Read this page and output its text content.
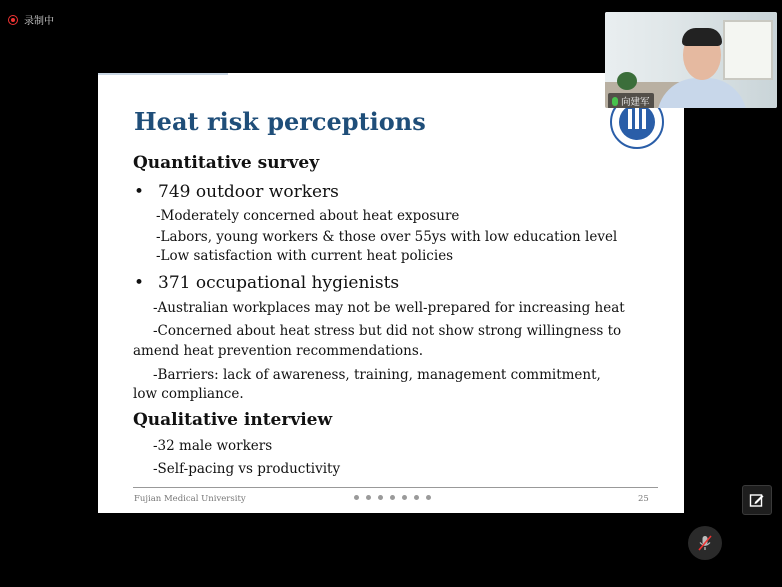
录制中
Heat risk perceptions
Quantitative survey
• 749 outdoor workers
-Moderately concerned about heat exposure
-Labors, young workers & those over 55ys with low education level
-Low satisfaction with current heat policies
• 371 occupational hygienists
-Australian workplaces may not be well-prepared for increasing heat
-Concerned about heat stress but did not show strong willingness to
amend heat prevention recommendations.
-Barriers: lack of awareness, training, management commitment,
low compliance.
Qualitative interview
-32 male workers
-Self-pacing vs productivity
Fujian Medical University	25
向建军
